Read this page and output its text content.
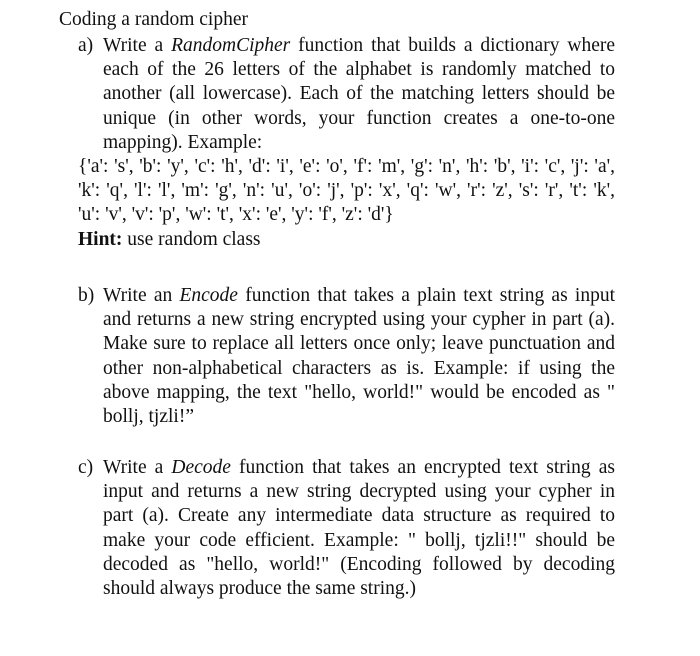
Coding a random cipher
a) Write a RandomCipher function that builds a dictionary where each of the 26 letters of the alphabet is randomly matched to another (all lowercase). Each of the matching letters should be unique (in other words, your function creates a one-to-one mapping). Example:

{'a': 's', 'b': 'y', 'c': 'h', 'd': 'i', 'e': 'o', 'f': 'm', 'g': 'n', 'h': 'b', 'i': 'c', 'j': 'a', 'k': 'q', 'l': 'l', 'm': 'g', 'n': 'u', 'o': 'j', 'p': 'x', 'q': 'w', 'r': 'z', 's': 'r', 't': 'k', 'u': 'v', 'v': 'p', 'w': 't', 'x': 'e', 'y': 'f', 'z': 'd'}

Hint: use random class

b) Write an Encode function that takes a plain text string as input and returns a new string encrypted using your cypher in part (a). Make sure to replace all letters once only; leave punctuation and other non-alphabetical characters as is. Example: if using the above mapping, the text "hello, world!" would be encoded as " bollj, tjzli!”

c) Write a Decode function that takes an encrypted text string as input and returns a new string decrypted using your cypher in part (a). Create any intermediate data structure as required to make your code efficient. Example: " bollj, tjzli!!" should be decoded as "hello, world!" (Encoding followed by decoding should always produce the same string.)
